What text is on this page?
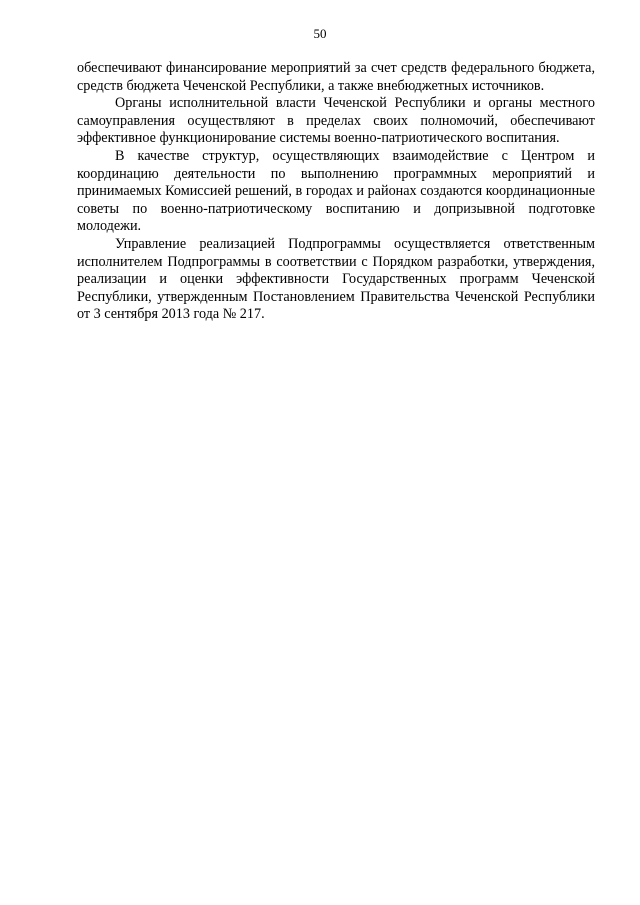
50

обеспечивают финансирование мероприятий за счет средств федерального бюджета, средств бюджета Чеченской Республики, а также внебюджетных источников.

Органы исполнительной власти Чеченской Республики и органы местного самоуправления осуществляют в пределах своих полномочий, обеспечивают эффективное функционирование системы военно-патриотического воспитания.

В качестве структур, осуществляющих взаимодействие с Центром и координацию деятельности по выполнению программных мероприятий и принимаемых Комиссией решений, в городах и районах создаются координационные советы по военно-патриотическому воспитанию и допризывной подготовке молодежи.

Управление реализацией Подпрограммы осуществляется ответственным исполнителем Подпрограммы в соответствии с Порядком разработки, утверждения, реализации и оценки эффективности Государственных программ Чеченской Республики, утвержденным Постановлением Правительства Чеченской Республики от 3 сентября 2013 года № 217.
